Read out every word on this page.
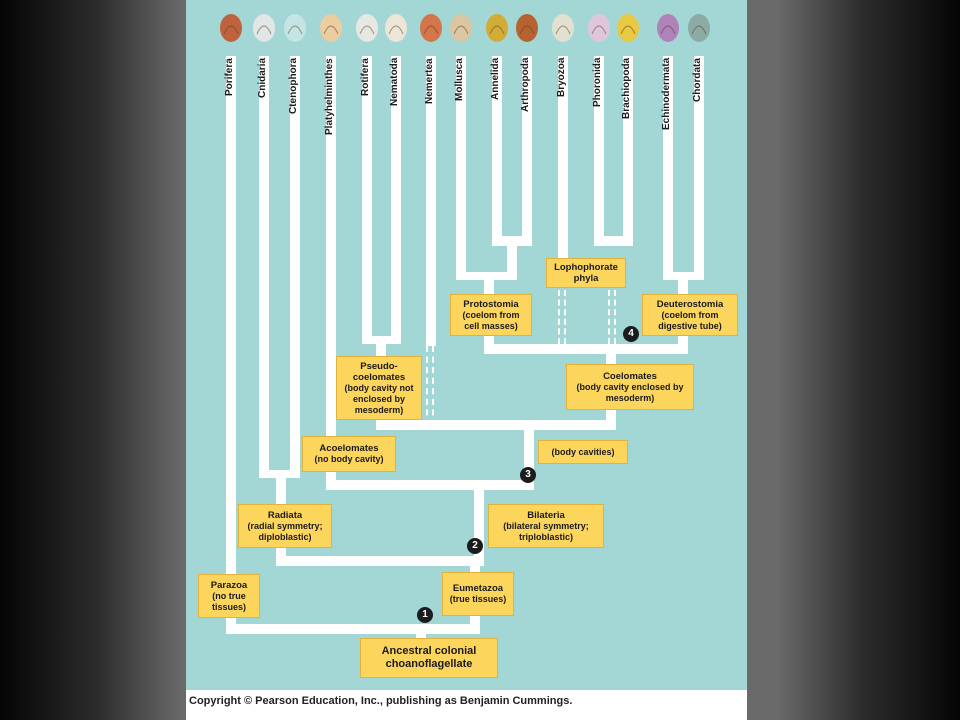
Porifera	Cnidaria	Ctenophora	Platyhelminthes	Rotifera	Nematoda	Nemertea	Mollusca	Annelida	Arthropoda	Bryozoa	Phoronida	Brachiopoda	Echinodermata	Chordata
Lophophorate phyla
Protostomia
(coelom from cell masses)
Deuterostomia
(coelom from digestive tube)
Pseudo-coelomates
(body cavity not enclosed by mesoderm)
Coelomates
(body cavity enclosed by mesoderm)
Acoelomates
(no body cavity)
(body cavities)
Radiata
(radial symmetry; diploblastic)
Bilateria
(bilateral symmetry; triploblastic)
Parazoa
(no true tissues)
Eumetazoa
(true tissues)
Ancestral colonial choanoflagellate
1
2
3
4
Copyright © Pearson Education, Inc., publishing as Benjamin Cummings.
